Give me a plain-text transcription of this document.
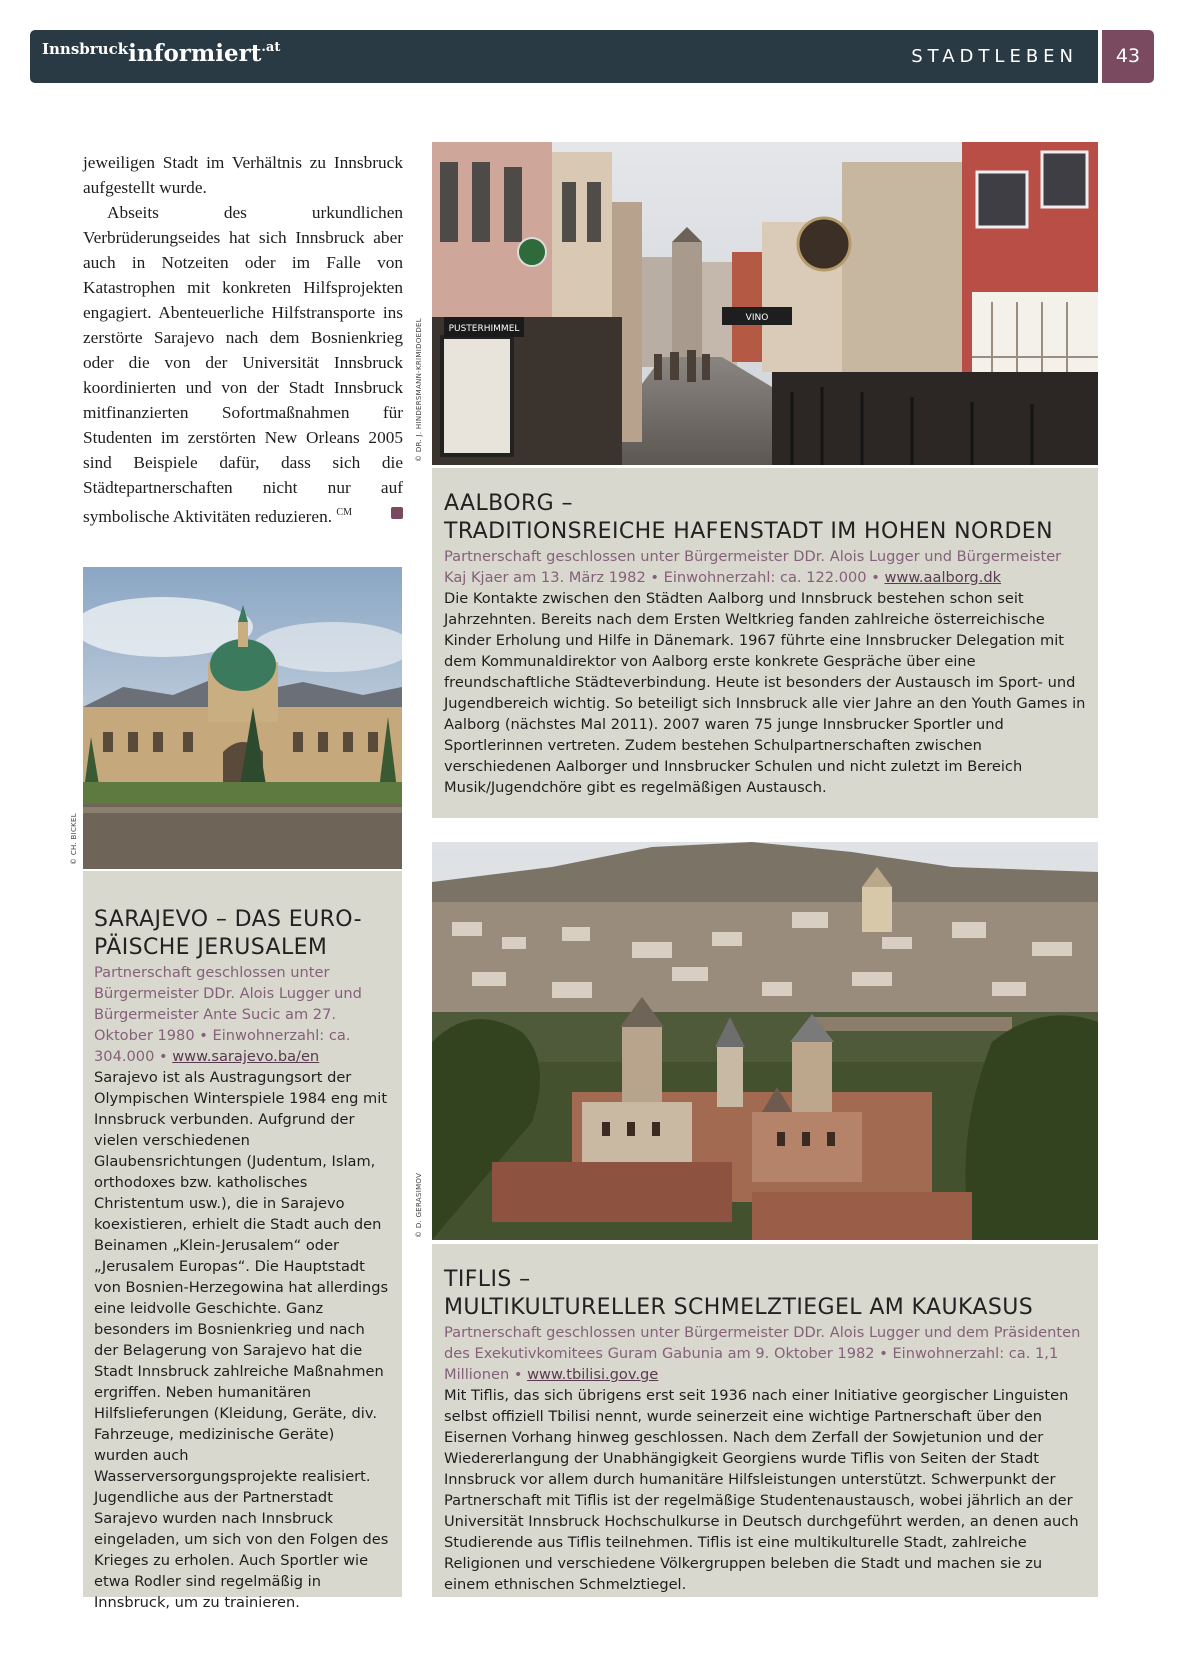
Innsbruckinformiert$^{.at}$	STADTLEBEN	43

jeweiligen Stadt im Verhältnis zu Innsbruck aufgestellt wurde.

Abseits des urkundlichen Verbrüderungseides hat sich Innsbruck aber auch in Notzeiten oder im Falle von Katastrophen mit konkreten Hilfsprojekten engagiert. Abenteuerliche Hilfstransporte ins zerstörte Sarajevo nach dem Bosnienkrieg oder die von der Universität Innsbruck koordinierten und von der Stadt Innsbruck mitfinanzierten Sofortmaßnahmen für Studenten im zerstörten New Orleans 2005 sind Beispiele dafür, dass sich die Städtepartnerschaften nicht nur auf symbolische Aktivitäten reduzieren. $^{CM}$

PUSTERHIMMEL
VINO
© DR. J. HINDERSMANN-KRIMIDOEDEL
AALBORG –
TRADITIONSREICHE HAFENSTADT IM HOHEN NORDEN

Partnerschaft geschlossen unter Bürgermeister DDr. Alois Lugger und Bürgermeister Kaj Kjaer am 13. März 1982 • Einwohnerzahl: ca. 122.000 • www.aalborg.dk

Die Kontakte zwischen den Städten Aalborg und Innsbruck bestehen schon seit Jahrzehnten. Bereits nach dem Ersten Weltkrieg fanden zahlreiche österreichische Kinder Erholung und Hilfe in Dänemark. 1967 führte eine Innsbrucker Delegation mit dem Kommunaldirektor von Aalborg erste konkrete Gespräche über eine freundschaftliche Städteverbindung. Heute ist besonders der Austausch im Sport- und Jugendbereich wichtig. So beteiligt sich Innsbruck alle vier Jahre an den Youth Games in Aalborg (nächstes Mal 2011). 2007 waren 75 junge Innsbrucker Sportler und Sportlerinnen vertreten. Zudem bestehen Schulpartnerschaften zwischen verschiedenen Aalborger und Innsbrucker Schulen und nicht zuletzt im Bereich Musik/Jugendchöre gibt es regelmäßigen Austausch.

© CH. BICKEL
SARAJEVO – DAS EURO-
PÄISCHE JERUSALEM

Partnerschaft geschlossen unter Bürgermeister DDr. Alois Lugger und Bürgermeister Ante Sucic am 27. Oktober 1980 • Einwohnerzahl: ca. 304.000 • www.sarajevo.ba/en

Sarajevo ist als Austragungsort der Olympischen Winterspiele 1984 eng mit Innsbruck verbunden. Aufgrund der vielen verschiedenen Glaubensrichtungen (Judentum, Islam, orthodoxes bzw. katholisches Christentum usw.), die in Sarajevo koexistieren, erhielt die Stadt auch den Beinamen „Klein-Jerusalem“ oder „Jerusalem Europas“. Die Hauptstadt von Bosnien-Herzegowina hat allerdings eine leidvolle Geschichte. Ganz besonders im Bosnienkrieg und nach der Belagerung von Sarajevo hat die Stadt Innsbruck zahlreiche Maßnahmen ergriffen. Neben humanitären Hilfslieferungen (Kleidung, Geräte, div. Fahrzeuge, medizinische Geräte) wurden auch Wasserversorgungsprojekte realisiert. Jugendliche aus der Partnerstadt Sarajevo wurden nach Innsbruck eingeladen, um sich von den Folgen des Krieges zu erholen. Auch Sportler wie etwa Rodler sind regelmäßig in Innsbruck, um zu trainieren.

© D. GERASIMOV
TIFLIS –
MULTIKULTURELLER SCHMELZTIEGEL AM KAUKASUS

Partnerschaft geschlossen unter Bürgermeister DDr. Alois Lugger und dem Präsidenten des Exekutivkomitees Guram Gabunia am 9. Oktober 1982 • Einwohnerzahl: ca. 1,1 Millionen • www.tbilisi.gov.ge

Mit Tiflis, das sich übrigens erst seit 1936 nach einer Initiative georgischer Linguisten selbst offiziell Tbilisi nennt, wurde seinerzeit eine wichtige Partnerschaft über den Eisernen Vorhang hinweg geschlossen. Nach dem Zerfall der Sowjetunion und der Wiedererlangung der Unabhängigkeit Georgiens wurde Tiflis von Seiten der Stadt Innsbruck vor allem durch humanitäre Hilfsleistungen unterstützt. Schwerpunkt der Partnerschaft mit Tiflis ist der regelmäßige Studentenaustausch, wobei jährlich an der Universität Innsbruck Hochschulkurse in Deutsch durchgeführt werden, an denen auch Studierende aus Tiflis teilnehmen. Tiflis ist eine multikulturelle Stadt, zahlreiche Religionen und verschiedene Völkergruppen beleben die Stadt und machen sie zu einem ethnischen Schmelztiegel.
